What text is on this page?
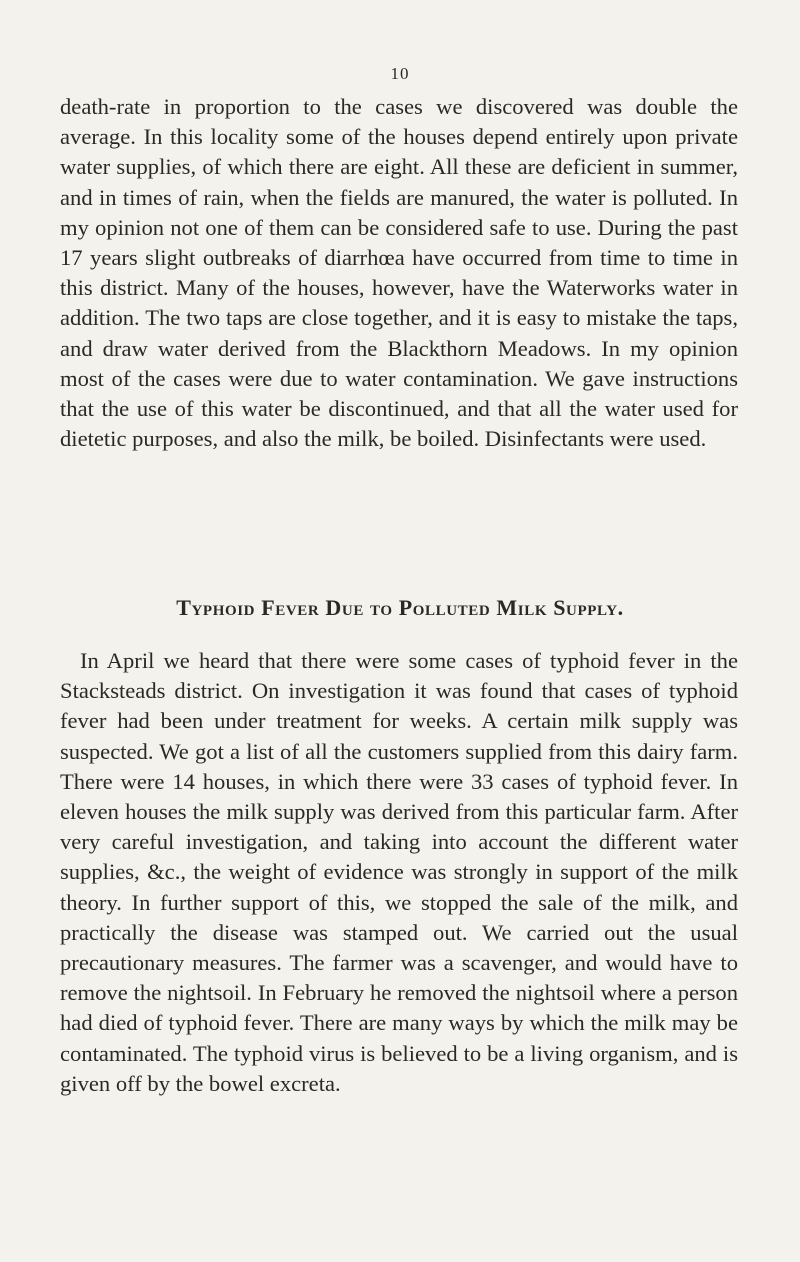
10

death-rate in proportion to the cases we discovered was double the average. In this locality some of the houses depend entirely upon private water supplies, of which there are eight. All these are deficient in summer, and in times of rain, when the fields are manured, the water is polluted. In my opinion not one of them can be considered safe to use. During the past 17 years slight outbreaks of diarrhœa have occurred from time to time in this district. Many of the houses, however, have the Waterworks water in addition. The two taps are close together, and it is easy to mistake the taps, and draw water derived from the Blackthorn Meadows. In my opinion most of the cases were due to water contamination. We gave instructions that the use of this water be discontinued, and that all the water used for dietetic purposes, and also the milk, be boiled. Disinfectants were used.

Typhoid Fever Due to Polluted Milk Supply.

In April we heard that there were some cases of typhoid fever in the Stacksteads district. On investigation it was found that cases of typhoid fever had been under treatment for weeks. A certain milk supply was suspected. We got a list of all the customers supplied from this dairy farm. There were 14 houses, in which there were 33 cases of typhoid fever. In eleven houses the milk supply was derived from this particular farm. After very careful investigation, and taking into account the different water supplies, &c., the weight of evidence was strongly in support of the milk theory. In further support of this, we stopped the sale of the milk, and practically the disease was stamped out. We carried out the usual precautionary measures. The farmer was a scavenger, and would have to remove the nightsoil. In February he removed the nightsoil where a person had died of typhoid fever. There are many ways by which the milk may be contaminated. The typhoid virus is believed to be a living organism, and is given off by the bowel excreta.
